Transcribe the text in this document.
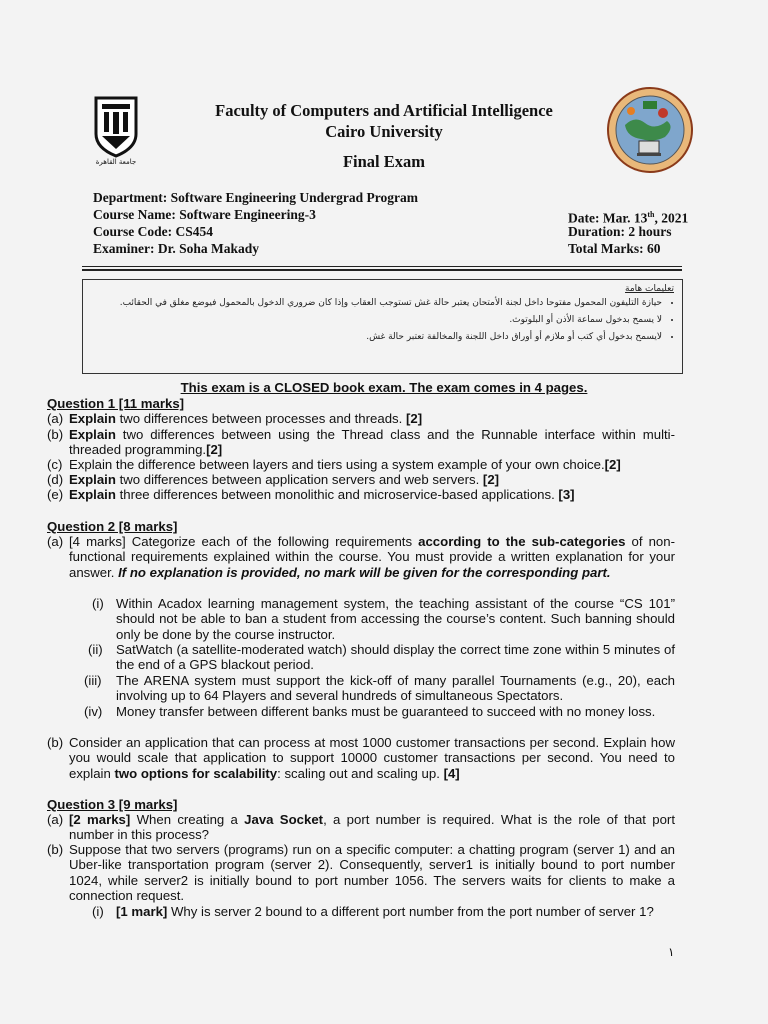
جامعة القاهرة
Faculty of Computers and Artificial Intelligence
Cairo University
Final Exam
Department: Software Engineering Undergrad Program
Course Name: Software Engineering-3
Course Code: CS454
Examiner: Dr. Soha Makady
Date: Mar. 13th, 2021
Duration: 2 hours
Total Marks: 60
تعليمات هامة
• حيازة التليفون المحمول مفتوحا داخل لجنة الأمتحان يعتبر حالة غش تستوجب العقاب وإذا كان ضروري الدخول بالمحمول فيوضع مغلق في الحقائب.
• لا يسمح بدخول سماعة الأذن أو البلوتوث.
• لايسمح بدخول أي كتب أو ملازم أو أوراق داخل اللجنة والمخالفة تعتبر حالة غش.
This exam is a CLOSED book exam. The exam comes in 4 pages.
Question 1 [11 marks]
(a) Explain two differences between processes and threads. [2]
(b) Explain two differences between using the Thread class and the Runnable interface within multi-threaded programming.[2]
(c) Explain the difference between layers and tiers using a system example of your own choice.[2]
(d) Explain two differences between application servers and web servers. [2]
(e) Explain three differences between monolithic and microservice-based applications. [3]
Question 2 [8 marks]
(a) [4 marks] Categorize each of the following requirements according to the sub-categories of non-functional requirements explained within the course. You must provide a written explanation for your answer. If no explanation is provided, no mark will be given for the corresponding part.
(i) Within Acadox learning management system, the teaching assistant of the course “CS 101” should not be able to ban a student from accessing the course’s content. Such banning should only be done by the course instructor.
(ii) SatWatch (a satellite-moderated watch) should display the correct time zone within 5 minutes of the end of a GPS blackout period.
(iii) The ARENA system must support the kick-off of many parallel Tournaments (e.g., 20), each involving up to 64 Players and several hundreds of simultaneous Spectators.
(iv) Money transfer between different banks must be guaranteed to succeed with no money loss.
(b) Consider an application that can process at most 1000 customer transactions per second. Explain how you would scale that application to support 10000 customer transactions per second. You need to explain two options for scalability: scaling out and scaling up. [4]
Question 3 [9 marks]
(a) [2 marks] When creating a Java Socket, a port number is required. What is the role of that port number in this process?
(b) Suppose that two servers (programs) run on a specific computer: a chatting program (server 1) and an Uber-like transportation program (server 2). Consequently, server1 is initially bound to port number 1024, while server2 is initially bound to port number 1056. The servers waits for clients to make a connection request.
(i) [1 mark] Why is server 2 bound to a different port number from the port number of server 1?
١
